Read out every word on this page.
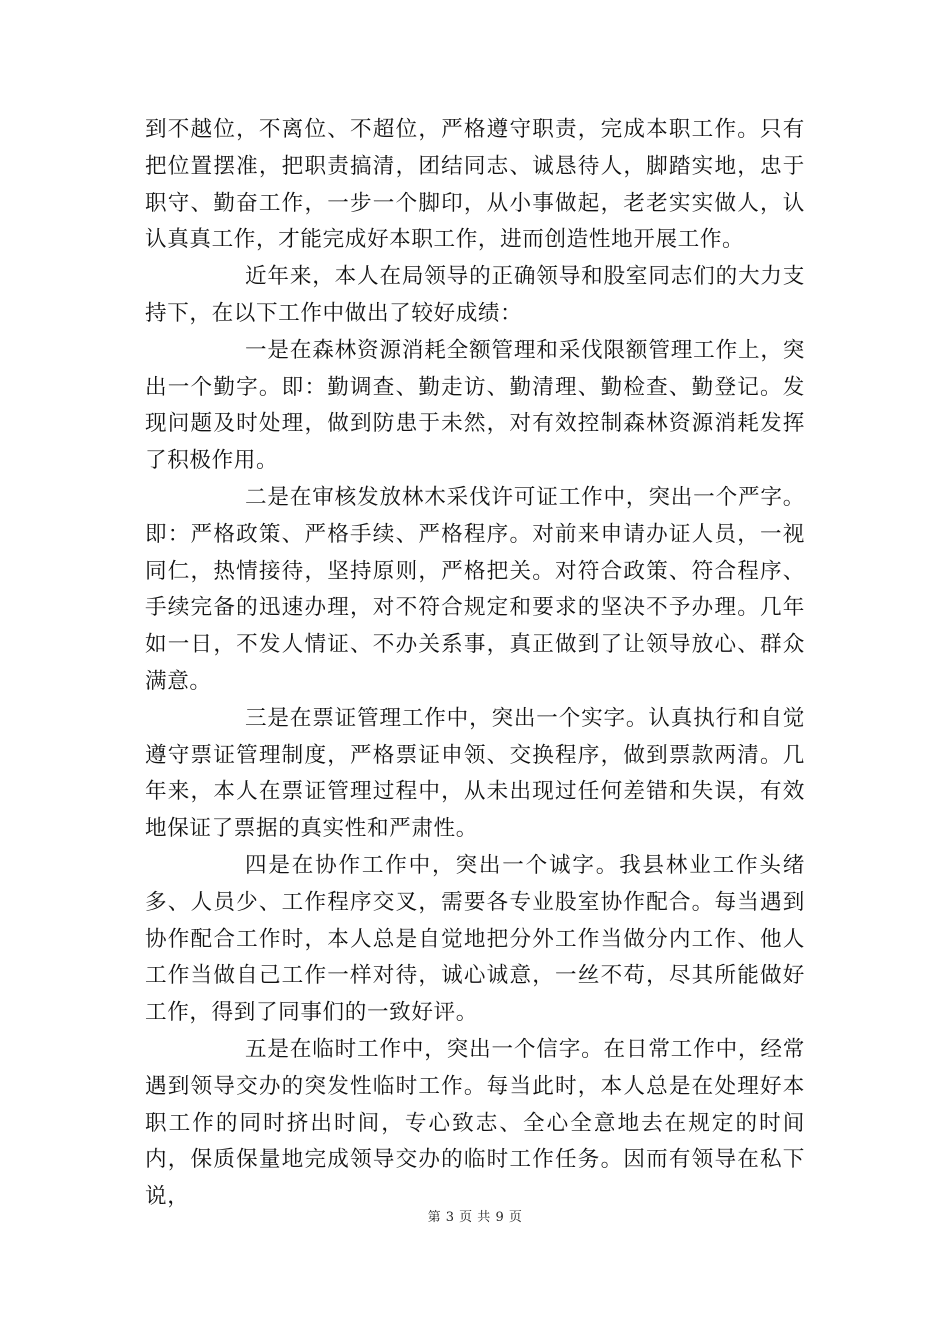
到不越位，不离位、不超位，严格遵守职责，完成本职工作。只有把位置摆准，把职责搞清，团结同志、诚恳待人，脚踏实地，忠于职守、勤奋工作，一步一个脚印，从小事做起，老老实实做人，认认真真工作，才能完成好本职工作，进而创造性地开展工作。

近年来，本人在局领导的正确领导和股室同志们的大力支持下，在以下工作中做出了较好成绩：

一是在森林资源消耗全额管理和采伐限额管理工作上，突出一个勤字。即：勤调查、勤走访、勤清理、勤检查、勤登记。发现问题及时处理，做到防患于未然，对有效控制森林资源消耗发挥了积极作用。

二是在审核发放林木采伐许可证工作中，突出一个严字。即：严格政策、严格手续、严格程序。对前来申请办证人员，一视同仁，热情接待，坚持原则，严格把关。对符合政策、符合程序、手续完备的迅速办理，对不符合规定和要求的坚决不予办理。几年如一日，不发人情证、不办关系事，真正做到了让领导放心、群众满意。

三是在票证管理工作中，突出一个实字。认真执行和自觉遵守票证管理制度，严格票证申领、交换程序，做到票款两清。几年来，本人在票证管理过程中，从未出现过任何差错和失误，有效地保证了票据的真实性和严肃性。

四是在协作工作中，突出一个诚字。我县林业工作头绪多、人员少、工作程序交叉，需要各专业股室协作配合。每当遇到协作配合工作时，本人总是自觉地把分外工作当做分内工作、他人工作当做自己工作一样对待，诚心诚意，一丝不苟，尽其所能做好工作，得到了同事们的一致好评。

五是在临时工作中，突出一个信字。在日常工作中，经常遇到领导交办的突发性临时工作。每当此时，本人总是在处理好本职工作的同时挤出时间，专心致志、全心全意地去在规定的时间内，保质保量地完成领导交办的临时工作任务。因而有领导在私下说，

第 3 页 共 9 页
